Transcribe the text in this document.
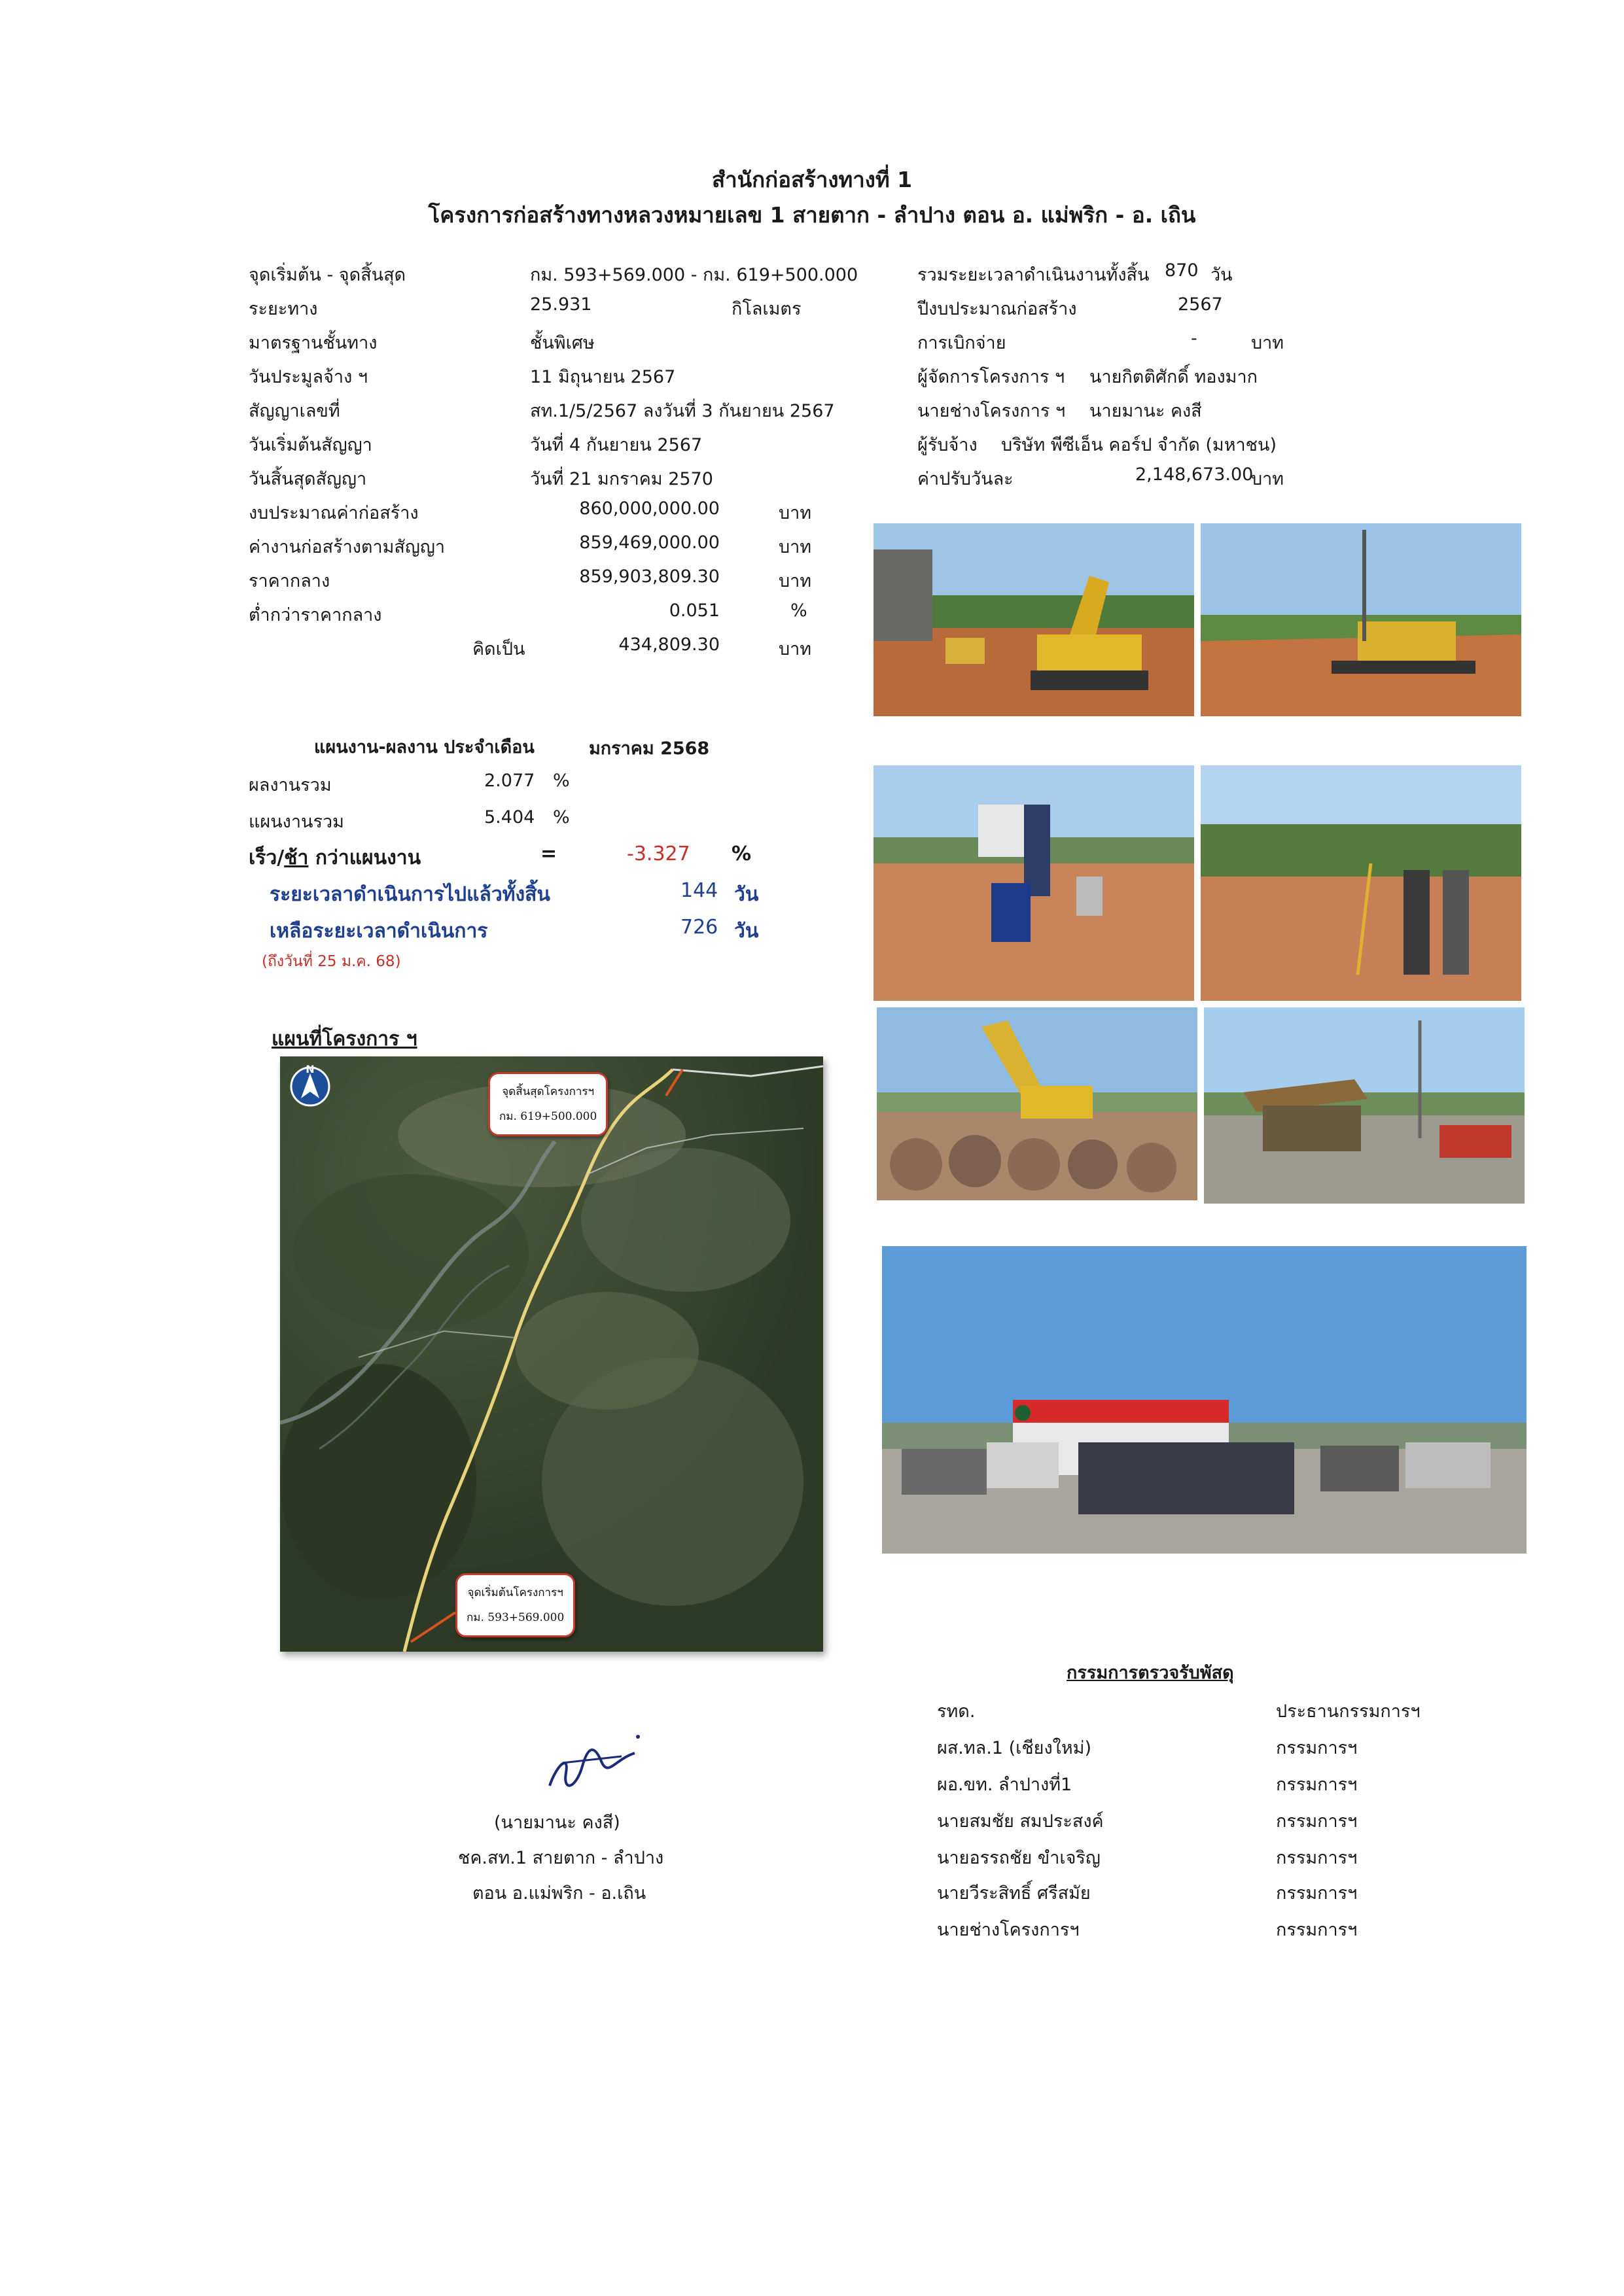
สำนักก่อสร้างทางที่ 1
โครงการก่อสร้างทางหลวงหมายเลข 1 สายตาก - ลำปาง ตอน อ. แม่พริก - อ. เถิน
จุดเริ่มต้น - จุดสิ้นสุด	กม. 593+569.000 - กม. 619+500.000
ระยะทาง	25.931	กิโลเมตร
มาตรฐานชั้นทาง	ชั้นพิเศษ
วันประมูลจ้าง ฯ	11 มิถุนายน 2567
สัญญาเลขที่	สท.1/5/2567 ลงวันที่ 3 กันยายน 2567
วันเริ่มต้นสัญญา	วันที่ 4 กันยายน 2567
วันสิ้นสุดสัญญา	วันที่ 21 มกราคม 2570
งบประมาณค่าก่อสร้าง	860,000,000.00	บาท
ค่างานก่อสร้างตามสัญญา	859,469,000.00	บาท
ราคากลาง	859,903,809.30	บาท
ต่ำกว่าราคากลาง	0.051	%
คิดเป็น	434,809.30	บาท
รวมระยะเวลาดำเนินงานทั้งสิ้น 870 วัน
ปีงบประมาณก่อสร้าง	2567
การเบิกจ่าย	-	บาท
ผู้จัดการโครงการ ฯ นายกิตติศักดิ์ ทองมาก
นายช่างโครงการ ฯ นายมานะ คงสี
ผู้รับจ้าง บริษัท พีซีเอ็น คอร์ป จำกัด (มหาชน)
ค่าปรับวันละ	2,148,673.00
บาท
แผนงาน-ผลงาน ประจำเดือน	มกราคม 2568
ผลงานรวม	2.077 %
แผนงานรวม	5.404 %
เร็ว/ช้า กว่าแผนงาน	=	-3.327 %
ระยะเวลาดำเนินการไปแล้วทั้งสิ้น	144 วัน
เหลือระยะเวลาดำเนินการ	726 วัน
(ถึงวันที่ 25 ม.ค. 68)
แผนที่โครงการ ฯ
N
จุดสิ้นสุดโครงการฯ
กม. 619+500.000
จุดเริ่มต้นโครงการฯ
กม. 593+569.000
(นายมานะ คงสี)
ชค.สท.1 สายตาก - ลำปาง
ตอน อ.แม่พริก - อ.เถิน
กรรมการตรวจรับพัสดุ
รทด.	ประธานกรรมการฯ
ผส.ทล.1 (เชียงใหม่)	กรรมการฯ
ผอ.ขท. ลำปางที่1	กรรมการฯ
นายสมชัย สมประสงค์	กรรมการฯ
นายอรรถชัย ขำเจริญ	กรรมการฯ
นายวีระสิทธิ์ ศรีสมัย	กรรมการฯ
นายช่างโครงการฯ	กรรมการฯ
